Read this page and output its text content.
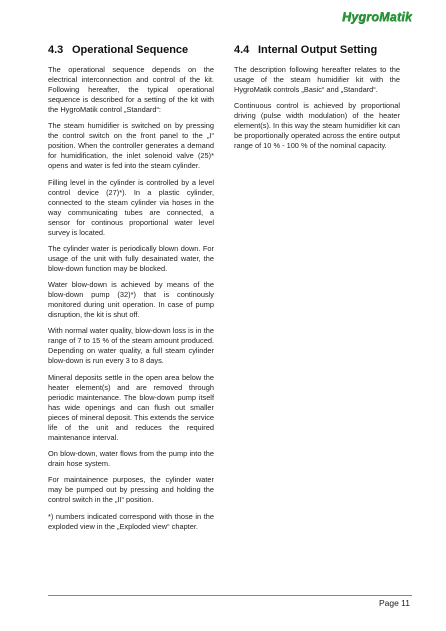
HygroMatik
4.3 Operational Sequence

The operational sequence depends on the electrical interconnection and control of the kit. Following hereafter, the typical operational sequence is described for a setting of the kit with the HygroMatik control „Standard“:

The steam humidifier is switched on by pressing the control switch on the front panel to the „I“ position. When the controller generates a demand for humidification, the inlet solenoid valve (25)* opens and water is fed into the steam cylinder.

Filling level in the cylinder is controlled by a level control device (27)*). In a plastic cylinder, connected to the steam cylinder via hoses in the way communicating tubes are connected, a sensor for continous proportional water level survey is located.

The cylinder water is periodically blown down. For usage of the unit with fully desainated water, the blow-down function may be blocked.

Water blow-down is achieved by means of the blow-down pump (32)*) that is continously monitored during unit operation. In case of pump disruption, the kit is shut off.

With normal water quality, blow-down loss is in the range of 7 to 15 % of the steam amount produced. Depending on water quality, a full steam cylinder blow-down is run every 3 to 8 days.

Mineral deposits settle in the open area below the heater element(s) and are removed through periodic maintenance. The blow-down pump itself has wide openings and can flush out smaller pieces of mineral deposit. This extends the service life of the unit and reduces the required maintenance interval.

On blow-down, water flows from the pump into the drain hose system.

For maintainence purposes, the cylinder water may be pumped out by pressing and holding the control switch in the „II“ position.

*) numbers indicated correspond with those in the exploded view in the „Exploded view“ chapter.

4.4 Internal Output Setting

The description following hereafter relates to the usage of the steam humidifier kit with the HygroMatik controls „Basic“ and „Standard“.

Continuous control is achieved by proportional driving (pulse width modulation) of the heater element(s). In this way the steam humidifier kit can be proportionally operated across the entire output range of 10 % - 100 % of the nominal capacity.

Page 11
